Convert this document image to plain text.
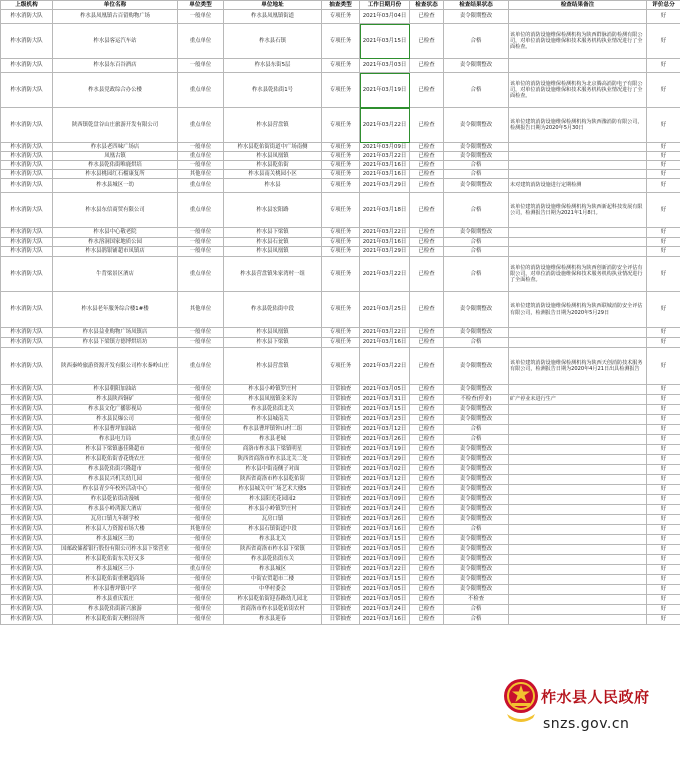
上级机构	单位名称	单位类型	单位地址	抽查类型	工作日期月份	检查状态	检查结果状态	检查结果备注	评价总分
柞水消防大队	柞水县凤凰镇古百留购物广场	一般单位	柞水县凤凰镇街道	专项任务	2021年03月04日	已检查	责令限期整改		好
柞水消防大队	柞水县客运汽车站	重点单位	柞水县石镇	专项任务	2021年03月15日	已检查	合格	该单位的消防设施维保检测机构为陕西群脉消防检测有限公司，对单位消防设施维保和技术服务机构执业情况进行了全面检查。	好
柞水消防大队	柞水县东百谷酒店	一般单位	柞水县东街5层	专项任务	2021年03月03日	已检查	责令限期整改		好
柞水消防大队	柞水县党政综合办公楼	重点单位	柞水县乾佑街1号	专项任务	2021年03月19日	已检查	合格	该单位的消防设施维保检测机构为北京腾高消防电子有限公司，对单位消防设施维保和技术服务机构执业情况进行了全面检查。	好
柞水消防大队	陕西镇乾盘谷山庄旅游开发有限公司	重点单位	柞水县营盘镇	专项任务	2021年03月22日	已检查	责令限期整改	该单位建筑消防设施维保检测机构为陕西豫消防有限公司，检测报告日期为2020年5月30日	好
柞水消防大队	柞水县老四味广场店	一般单位	柞水县乾佑街街道中广场南侧	专项任务	2021年03月09日	已检查	责令限期整改		好
柞水消防大队	凤凰古镇	重点单位	柞水县凤凰镇	专项任务	2021年03月22日	已检查	责令限期整改		好
柞水消防大队	柞水县乾佑街唯鹿烘培	一般单位	柞水县乾佑街	专项任务	2021年03月16日	已检查	合格		好
柞水消防大队	柞水县桃园红石榴康复所	其他单位	柞水县南关桃园小区	专项任务	2021年03月16日	已检查	合格		好
柞水消防大队	柞水县城区一幼	重点单位	柞水县	专项任务	2021年03月29日	已检查	责令限期整改	未对建筑消防设施进行定期检测	好
柞水消防大队	柞水县东信商贸有限公司	重点单位	柞水县宏阳路	专项任务	2021年03月18日	已检查	合格	该单位建筑消防设施维保检测机构为陕西新起科技发展有限公司，检测报告日期为2021年1月8日。	好
柞水消防大队	柞水县中心敬老院	一般单位	柞水县下梁镇	专项任务	2021年03月22日	已检查	责令限期整改		好
柞水消防大队	柞水溶洞国家地质公园	一般单位	柞水县石瓮镇	专项任务	2021年03月16日	已检查	合格		好
柞水消防大队	柞水县鹃银铺超市凤镇店	一般单位	柞水县凤凰镇	专项任务	2021年03月29日	已检查	合格		好
柞水消防大队	牛背梁景区酒店	重点单位	柞水县营盘镇朱家湾村一组	专项任务	2021年03月22日	已检查	合格	该单位的消防设施维保检测机构为陕西创新消防安全评估有限公司，对单位消防设施维保和技术服务机构执业情况进行了全面检查。	好
柞水消防大队	柞水县老年服务综合楼1#楼	其他单位	柞水县乾佑街中段	专项任务	2021年03月25日	已检查	责令限期整改	该单位建筑消防设施维保检测机构为陕西联城消防安全评估有限公司，检测报告日期为2020年5月29日	好
柞水消防大队	柞水县益业购物广场凤镇店	一般单位	柞水县凤凰镇	专项任务	2021年03月22日	已检查	责令限期整改		好
柞水消防大队	柞水县下梁镇方德博烘培坊	一般单位	柞水县下梁镇	专项任务	2021年03月16日	已检查	合格		好
柞水消防大队	陕西秦岭旅游资源开发有限公司柞水秦岭山庄	重点单位	柞水县营盘镇	专项任务	2021年03月22日	已检查	责令限期整改	该单位建筑消防设施维保检测机构为陕西天创消防技术服务有限公司，检测报告日期为2020年4月21日出具检测报告	好
柞水消防大队	柞水县朝阳加油站	一般单位	柞水县小岭镇罗庄村	日常抽查	2021年03月05日	已检查	责令限期整改		好
柞水消防大队	柞水县陕西铜矿	一般单位	柞水县凤凰镇金米沟	日常抽查	2021年03月31日	已检查	不检查(停业)	矿产停业未进行生产	好
柞水消防大队	柞水县文化广播影视局	一般单位	柞水县乾佑街北关	日常抽查	2021年03月15日	已检查	责令限期整改		好
柞水消防大队	柞水县民爆公司	一般单位	柞水县城南关	日常抽查	2021年03月23日	已检查	责令限期整改		好
柞水消防大队	柞水县曹坪加油站	一般单位	柞水县曹坪镇钟山村二组	日常抽查	2021年03月12日	已检查	合格		好
柞水消防大队	柞水县电力局	重点单位	柞水县老城	日常抽查	2021年03月26日	已检查	合格		好
柞水消防大队	柞水县下梁镇惠佳隆超市	一般单位	商洛市柞水县下梁镇明星	日常抽查	2021年03月19日	已检查	责令限期整改		好
柞水消防大队	柞水县乾佑街香花烧农庄	一般单位	陕西省商洛市柞水县北关二处	日常抽查	2021年03月29日	已检查	责令限期整改		好
柞水消防大队	柞水县乾佑街兴隆超市	一般单位	柞水县中街南侧子对面	日常抽查	2021年03月02日	已检查	责令限期整改		好
柞水消防大队	柞水县民兴机关幼儿园	一般单位	陕西省商洛市柞水县乾佑街	日常抽查	2021年03月12日	已检查	责令限期整改		好
柞水消防大队	柞水县青少年校外活动中心	一般单位	柞水县城关中广场艺术大楼5	日常抽查	2021年03月24日	已检查	责令限期整改		好
柞水消防大队	柞水县乾佑街动漫城	一般单位	柞水县阳光花园园2	日常抽查	2021年03月09日	已检查	责令限期整改		好
柞水消防大队	柞水县小岭鸿源大酒店	一般单位	柞水县小岭镇罗庄村	日常抽查	2021年03月24日	已检查	责令限期整改		好
柞水消防大队	瓦房口镇九年制学校	一般单位	瓦房口镇	日常抽查	2021年03月26日	已检查	责令限期整改		好
柞水消防大队	柞水县人力资源市场大楼	其他单位	柞水县石镇街道中段	日常抽查	2021年03月16日	已检查	合格		好
柞水消防大队	柞水县城区三幼	一般单位	柞水县北关	日常抽查	2021年03月15日	已检查	责令限期整改		好
柞水消防大队	国邮政储蓄银行股份有限公司柞水县下梁营业	一般单位	陕西省商洛市柞水县下梁镇	日常抽查	2021年03月05日	已检查	责令限期整改		好
柞水消防大队	柞水县乾佑街东关好又多	一般单位	柞水县乾佑街东关	日常抽查	2021年03月09日	已检查	责令限期整改		好
柞水消防大队	柞水县城区三小	重点单位	柞水县城区	日常抽查	2021年03月22日	已检查	责令限期整改		好
柞水消防大队	柞水县乾佑街重聚超商场	一般单位	中街农贸超市二楼	日常抽查	2021年03月15日	已检查	责令限期整改		好
柞水消防大队	柞水县曹坪镇中学	一般单位	中华村委会	日常抽查	2021年03月05日	已检查	责令限期整改		好
柞水消防大队	柞水县重庆饭庄	一般单位	柞水县乾佑街迎春路幼儿园北	日常抽查	2021年03月05日	已检查	不检查		好
柞水消防大队	柞水县乾佑街新兴旅游	一般单位	省商洛市柞水县乾佑街农村	日常抽查	2021年03月24日	已检查	合格		好
柞水消防大队	柞水县乾佑街天聚招待所	一般单位	柞水县迎春	日常抽查	2021年03月16日	已检查	合格		好
柞水县人民政府
snzs.gov.cn
